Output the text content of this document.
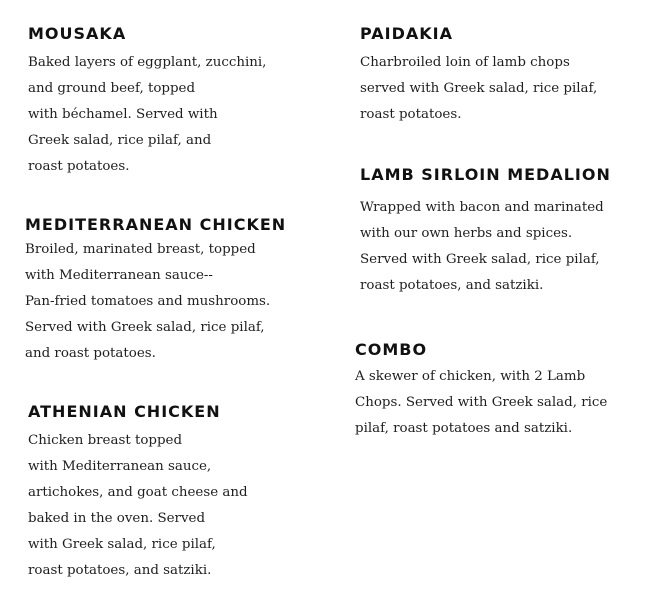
MOUSAKA
Baked layers of eggplant, zucchini,
and ground beef, topped
with béchamel. Served with
Greek salad, rice pilaf, and
roast potatoes.
MEDITERRANEAN CHICKEN
Broiled, marinated breast, topped
with Mediterranean sauce--
Pan-fried tomatoes and mushrooms.
Served with Greek salad, rice pilaf,
and roast potatoes.
ATHENIAN CHICKEN
Chicken breast topped
with Mediterranean sauce,
artichokes, and goat cheese and
baked in the oven. Served
with Greek salad, rice pilaf,
roast potatoes, and satziki.
PAIDAKIA
Charbroiled loin of lamb chops
served with Greek salad, rice pilaf,
roast potatoes.
LAMB SIRLOIN MEDALION
Wrapped with bacon and marinated
with our own herbs and spices.
Served with Greek salad, rice pilaf,
roast potatoes, and satziki.
COMBO
A skewer of chicken, with 2 Lamb
Chops. Served with Greek salad, rice
pilaf, roast potatoes and satziki.
